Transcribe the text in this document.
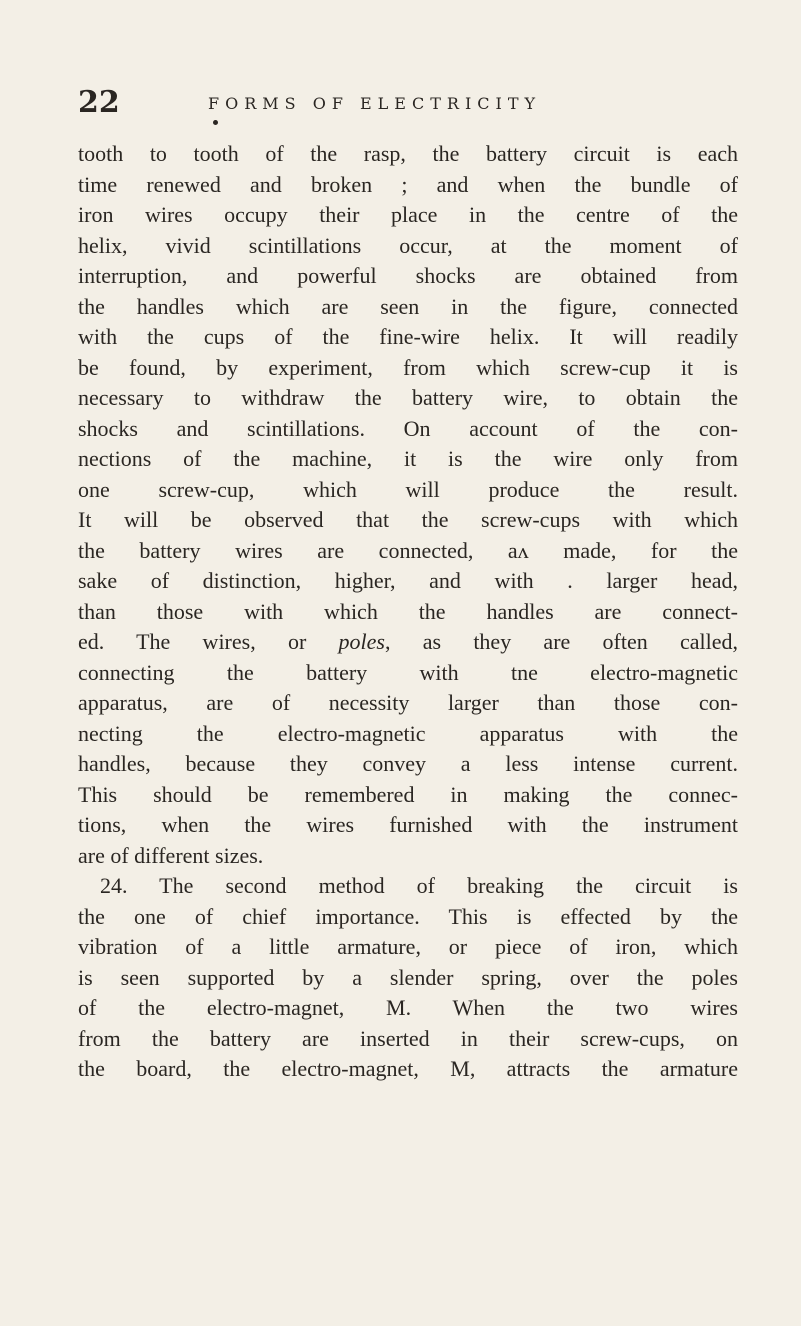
22	FORMS OF ELECTRICITY

tooth to tooth of the rasp, the battery circuit is each
time renewed and broken ; and when the bundle of
iron wires occupy their place in the centre of the
helix, vivid scintillations occur, at the moment of
interruption, and powerful shocks are obtained from
the handles which are seen in the figure, connected
with the cups of the fine-wire helix. It will readily
be found, by experiment, from which screw-cup it is
necessary to withdraw the battery wire, to obtain the
shocks and scintillations. On account of the con-
nections of the machine, it is the wire only from
one screw-cup, which will produce the result.
It will be observed that the screw-cups with which
the battery wires are connected, aʌ made, for the
sake of distinction, higher, and with . larger head,
than those with which the handles are connect-
ed. The wires, or poles, as they are often called,
connecting the battery with tne electro-magnetic
apparatus, are of necessity larger than those con-
necting the electro-magnetic apparatus with the
handles, because they convey a less intense current.
This should be remembered in making the connec-
tions, when the wires furnished with the instrument
are of different sizes.

24. The second method of breaking the circuit is
the one of chief importance. This is effected by the
vibration of a little armature, or piece of iron, which
is seen supported by a slender spring, over the poles
of the electro-magnet, M. When the two wires
from the battery are inserted in their screw-cups, on
the board, the electro-magnet, M, attracts the armature
